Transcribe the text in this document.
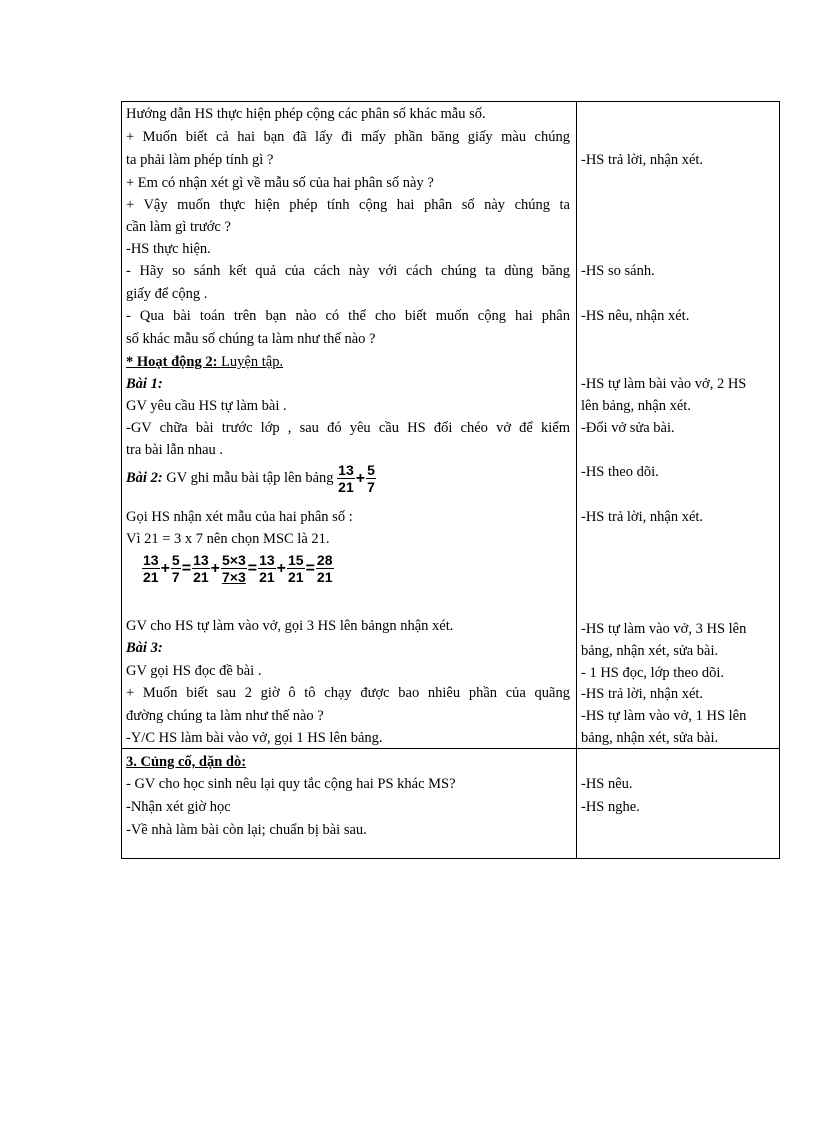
Hướng dẫn HS thực hiện phép cộng các phân số khác mẫu số.
+ Muốn biết cả hai bạn đã lấy đi mấy phần băng giấy màu chúng
ta phải làm phép tính gì ?
+ Em có nhận xét gì về mẫu số của hai phân số này ?
+ Vậy muốn thực hiện phép tính cộng hai phân số này chúng ta
cần làm gì trước ?
-HS thực hiện.
- Hãy so sánh kết quả của cách này với cách chúng ta dùng băng
giấy để cộng .
- Qua bài toán trên bạn nào có thể cho biết muốn cộng hai phân
số khác mẫu số chúng ta làm như thế nào ?
* Hoạt động 2: Luyện tập.
Bài 1:
GV yêu cầu HS tự làm bài .
-GV chữa bài trước lớp , sau đó yêu cầu HS đổi chéo vở để kiểm
tra bài lẫn nhau .
Bài 2: GV ghi mẫu bài tập lên bảng $\frac{13}{21} + \frac{5}{7}$
Gọi HS nhận xét mẫu của hai phân số :
Vì 21 = 3 x 7 nên chọn MSC là 21.
$\frac{13}{21} + \frac{5}{7} = \frac{13}{21} + \frac{5\times 3}{7\times 3} = \frac{13}{21} + \frac{15}{21} = \frac{28}{21}$
GV cho HS tự làm vào vở, gọi 3 HS lên bảngn nhận xét.
Bài 3:
GV gọi HS đọc đề bài .
+ Muốn biết sau 2 giờ ô tô chạy được bao nhiêu phần của quãng
đường chúng ta làm như thế nào ?
-Y/C HS làm bài vào vở, gọi 1 HS lên bảng.
3. Củng cố, dặn dò:
- GV cho học sinh nêu lại quy tắc cộng hai PS khác MS?
-Nhận xét giờ học
-Về nhà làm bài còn lại; chuẩn bị bài sau.
-HS trả lời, nhận xét.
-HS so sánh.
-HS nêu, nhận xét.
-HS tự làm bài vào vở, 2 HS
lên bảng, nhận xét.
-Đổi vở sửa bài.
-HS theo dõi.
-HS trả lời, nhận xét.
-HS tự làm vào vở, 3 HS lên
bảng, nhận xét, sửa bài.
- 1 HS đọc, lớp theo dõi.
-HS trả lời, nhận xét.
-HS tự làm vào vở, 1 HS lên
bảng, nhận xét, sửa bài.
-HS nêu.
-HS nghe.
